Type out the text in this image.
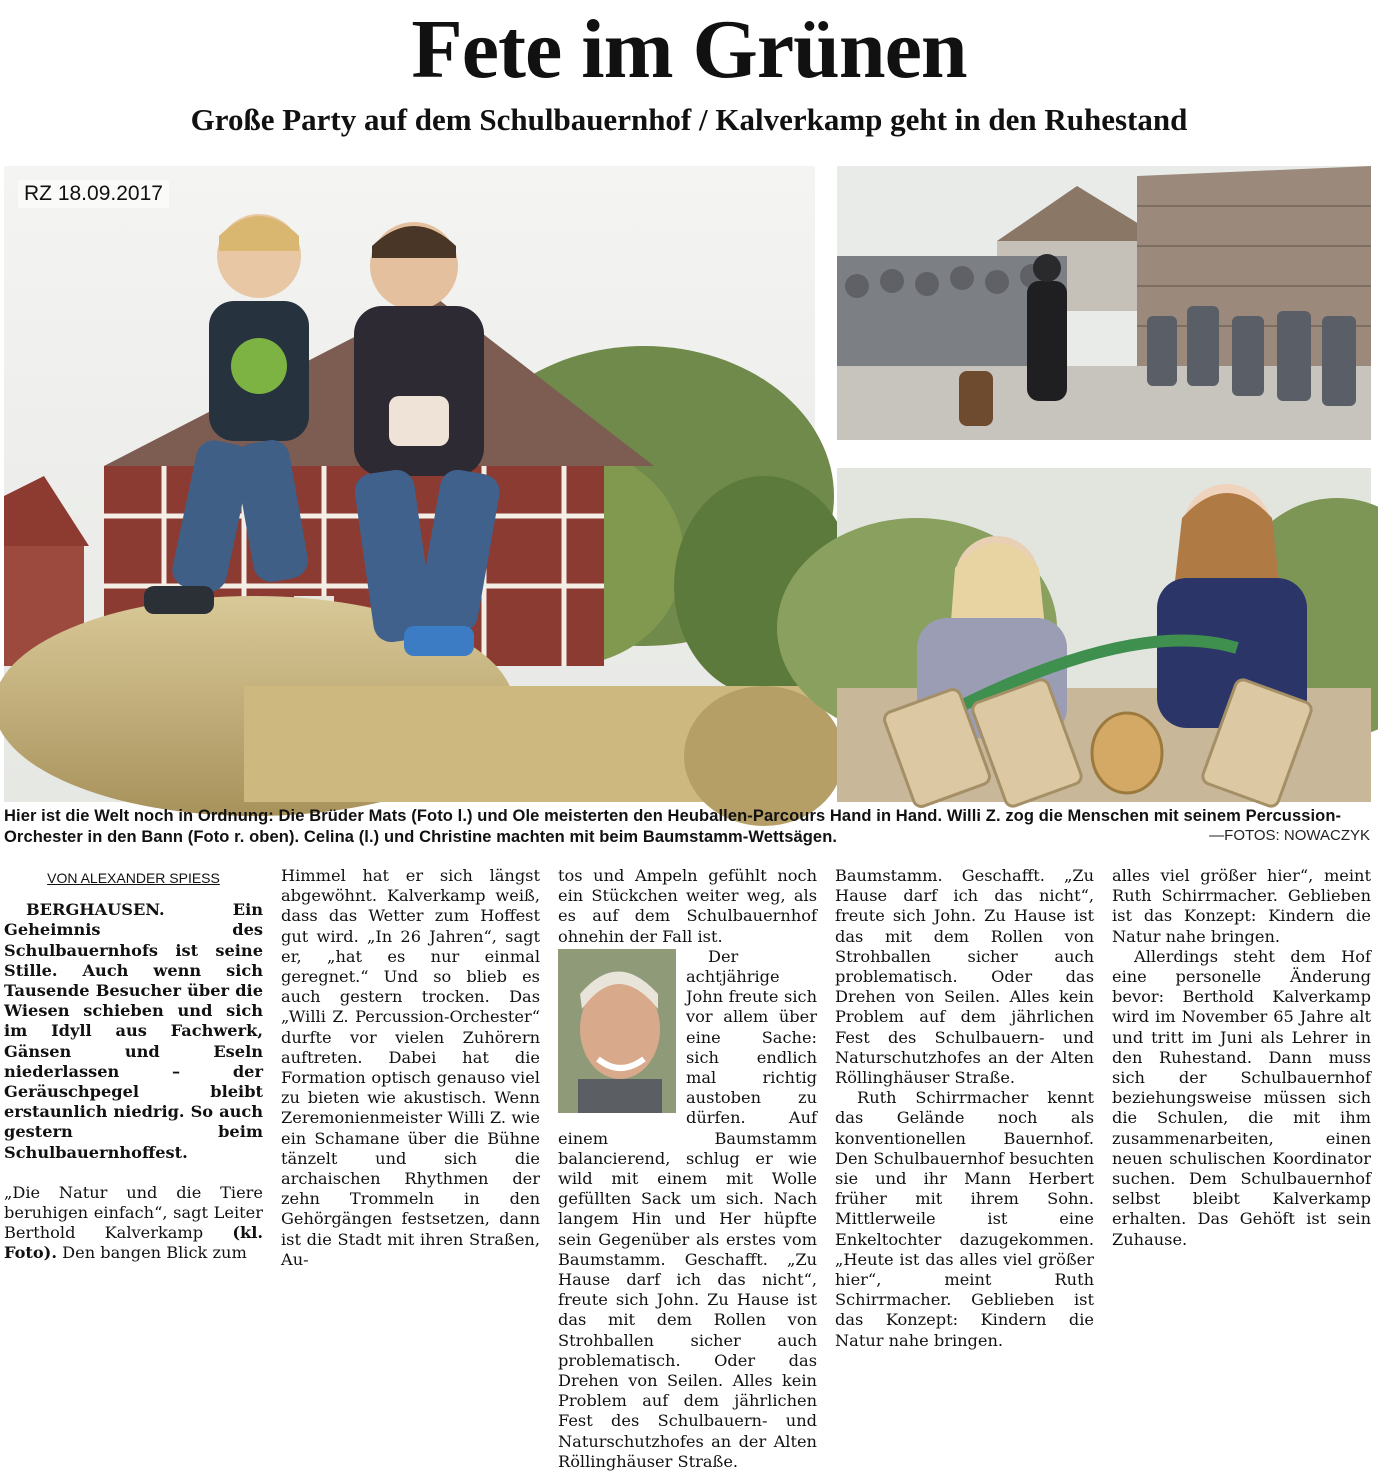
Fete im Grünen
Große Party auf dem Schulbauernhof / Kalverkamp geht in den Ruhestand
RZ 18.09.2017
Hier ist die Welt noch in Ordnung: Die Brüder Mats (Foto l.) und Ole meisterten den Heuballen-Parcours Hand in Hand. Willi Z. zog die Menschen mit seinem Percussion-Orchester in den Bann (Foto r. oben). Celina (l.) und Christine machten mit beim Baumstamm-Wettsägen.	—FOTOS: NOWACZYK
VON ALEXANDER SPIESS

BERGHAUSEN.	Ein Geheimnis des Schulbauernhofs ist seine Stille. Auch wenn sich Tausende Besucher über die Wiesen schieben und sich im Idyll aus Fachwerk, Gänsen und Eseln niederlassen – der Geräuschpegel bleibt erstaunlich niedrig. So auch gestern beim Schulbauernhoffest.

„Die Natur und die Tiere beruhigen einfach“, sagt Leiter Berthold Kalverkamp (kl. Foto). Den bangen Blick zum

Himmel hat er sich längst abgewöhnt. Kalverkamp weiß, dass das Wetter zum Hoffest gut wird. „In 26 Jahren“, sagt er, „hat es nur einmal geregnet.“ Und so blieb es auch gestern trocken. Das „Willi Z. Percussion-Orchester“ durfte vor vielen Zuhörern auftreten. Dabei hat die Formation optisch genauso viel zu bieten wie akustisch. Wenn Zeremonienmeister Willi Z. wie ein Schamane über die Bühne tänzelt und sich die archaischen Rhythmen der zehn Trommeln in den Gehörgängen festsetzen, dann ist die Stadt mit ihren Straßen, Au-

tos und Ampeln gefühlt noch ein Stückchen weiter weg, als es auf dem Schulbauernhof ohnehin der Fall ist.

Der achtjährige John freute sich vor allem über eine Sache: sich endlich mal richtig austoben zu dürfen. Auf einem Baumstamm balancierend, schlug er wie wild mit einem mit Wolle gefüllten Sack um sich. Nach langem Hin und Her hüpfte sein Gegenüber als erstes vom Baumstamm. Geschafft. „Zu Hause darf ich das nicht“, freute sich John. Zu Hause ist das mit dem Rollen von Strohballen sicher auch problematisch. Oder das Drehen von Seilen. Alles kein Problem auf dem jährlichen Fest des Schulbauern- und Naturschutzhofes an der Alten Röllinghäuser Straße.

Baumstamm. Geschafft. „Zu Hause darf ich das nicht“, freute sich John. Zu Hause ist das mit dem Rollen von Strohballen sicher auch problematisch. Oder das Drehen von Seilen. Alles kein Problem auf dem jährlichen Fest des Schulbauern- und Naturschutzhofes an der Alten Röllinghäuser Straße.

Ruth Schirrmacher kennt das Gelände noch als konventionellen Bauernhof. Den Schulbauernhof besuchten sie und ihr Mann Herbert früher mit ihrem Sohn. Mittlerweile ist eine Enkeltochter dazugekommen. „Heute ist das alles viel größer hier“, meint Ruth Schirrmacher. Geblieben ist das Konzept: Kindern die Natur nahe bringen.

alles viel größer hier“, meint Ruth Schirrmacher. Geblieben ist das Konzept: Kindern die Natur nahe bringen.

Allerdings steht dem Hof eine personelle Änderung bevor: Berthold Kalverkamp wird im November 65 Jahre alt und tritt im Juni als Lehrer in den Ruhestand. Dann muss sich der Schulbauernhof beziehungsweise müssen sich die Schulen, die mit ihm zusammenarbeiten, einen neuen schulischen Koordinator suchen. Dem Schulbauernhof selbst bleibt Kalverkamp erhalten. Das Gehöft ist sein Zuhause.
